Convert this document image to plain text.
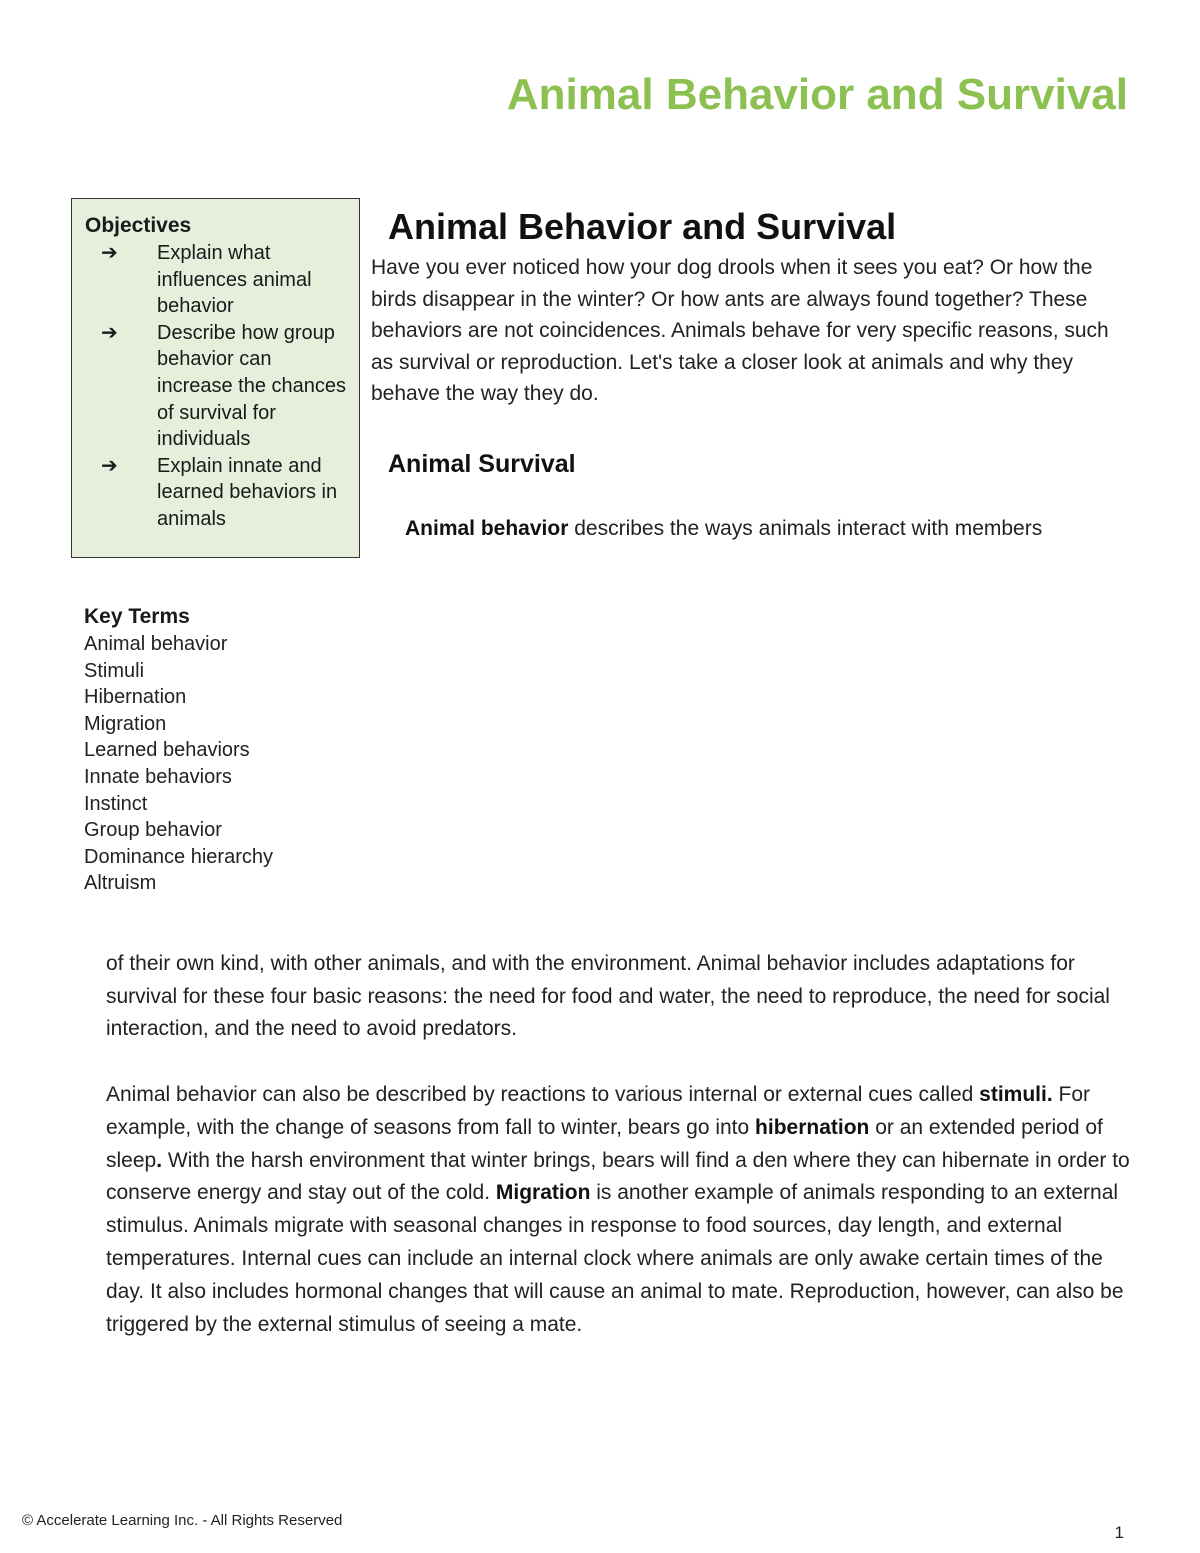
Animal Behavior and Survival
Objectives
➔	Explain what influences animal behavior
➔	Describe how group behavior can increase the chances of survival for individuals
➔	Explain innate and learned behaviors in animals
Animal Behavior and Survival

Have you ever noticed how your dog drools when it sees you eat? Or how the birds disappear in the winter? Or how ants are always found together? These behaviors are not coincidences. Animals behave for very specific reasons, such as survival or reproduction. Let's take a closer look at animals and why they behave the way they do.

Animal Survival

Animal behavior describes the ways animals interact with members

Key Terms
Animal behavior
Stimuli
Hibernation
Migration
Learned behaviors
Innate behaviors
Instinct
Group behavior
Dominance hierarchy
Altruism

of their own kind, with other animals, and with the environment. Animal behavior includes adaptations for survival for these four basic reasons: the need for food and water, the need to reproduce, the need for social interaction, and the need to avoid predators.

Animal behavior can also be described by reactions to various internal or external cues called stimuli. For example, with the change of seasons from fall to winter, bears go into hibernation or an extended period of sleep. With the harsh environment that winter brings, bears will find a den where they can hibernate in order to conserve energy and stay out of the cold. Migration is another example of animals responding to an external stimulus. Animals migrate with seasonal changes in response to food sources, day length, and external temperatures. Internal cues can include an internal clock where animals are only awake certain times of the day. It also includes hormonal changes that will cause an animal to mate. Reproduction, however, can also be triggered by the external stimulus of seeing a mate.

© Accelerate Learning Inc. - All Rights Reserved

1
